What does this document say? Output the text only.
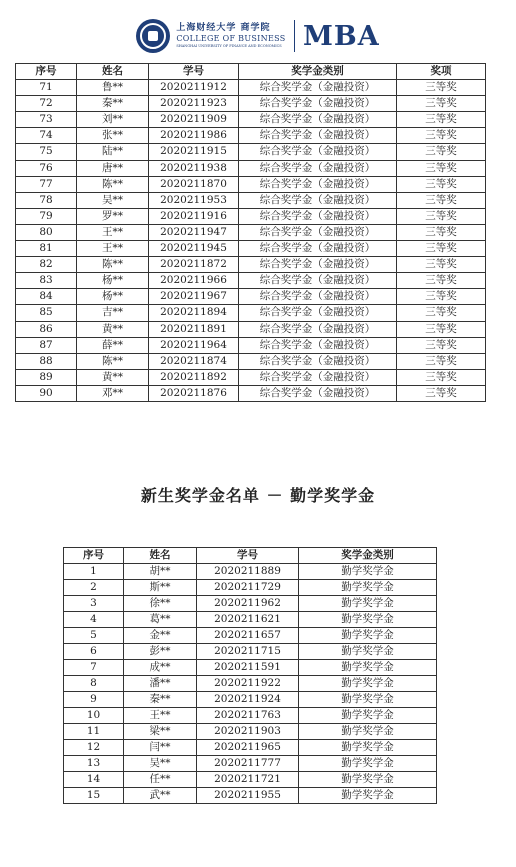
上海财经大学 商学院
COLLEGE OF BUSINESS
SHANGHAI UNIVERSITY OF FINANCE AND ECONOMICS MBA
序号	姓名	学号	奖学金类别	奖项
71	鲁**	2020211912	综合奖学金（金融投资）	三等奖
72	秦**	2020211923	综合奖学金（金融投资）	三等奖
73	刘**	2020211909	综合奖学金（金融投资）	三等奖
74	张**	2020211986	综合奖学金（金融投资）	三等奖
75	陆**	2020211915	综合奖学金（金融投资）	三等奖
76	唐**	2020211938	综合奖学金（金融投资）	三等奖
77	陈**	2020211870	综合奖学金（金融投资）	三等奖
78	吴**	2020211953	综合奖学金（金融投资）	三等奖
79	罗**	2020211916	综合奖学金（金融投资）	三等奖
80	王**	2020211947	综合奖学金（金融投资）	三等奖
81	王**	2020211945	综合奖学金（金融投资）	三等奖
82	陈**	2020211872	综合奖学金（金融投资）	三等奖
83	杨**	2020211966	综合奖学金（金融投资）	三等奖
84	杨**	2020211967	综合奖学金（金融投资）	三等奖
85	吉**	2020211894	综合奖学金（金融投资）	三等奖
86	黄**	2020211891	综合奖学金（金融投资）	三等奖
87	薛**	2020211964	综合奖学金（金融投资）	三等奖
88	陈**	2020211874	综合奖学金（金融投资）	三等奖
89	黄**	2020211892	综合奖学金（金融投资）	三等奖
90	邓**	2020211876	综合奖学金（金融投资）	三等奖
新生奖学金名单 － 勤学奖学金
序号	姓名	学号	奖学金类别
1	胡**	2020211889	勤学奖学金
2	斯**	2020211729	勤学奖学金
3	徐**	2020211962	勤学奖学金
4	葛**	2020211621	勤学奖学金
5	金**	2020211657	勤学奖学金
6	彭**	2020211715	勤学奖学金
7	成**	2020211591	勤学奖学金
8	潘**	2020211922	勤学奖学金
9	秦**	2020211924	勤学奖学金
10	王**	2020211763	勤学奖学金
11	梁**	2020211903	勤学奖学金
12	闫**	2020211965	勤学奖学金
13	吴**	2020211777	勤学奖学金
14	任**	2020211721	勤学奖学金
15	武**	2020211955	勤学奖学金
